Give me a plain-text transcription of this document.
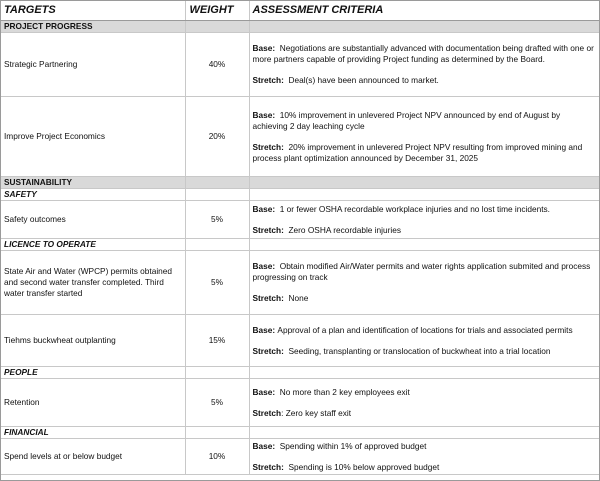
TARGETS	WEIGHT	ASSESSMENT CRITERIA
PROJECT PROGRESS		
Strategic Partnering	40%	Base: Negotiations are substantially advanced with documentation being drafted with one or more partners capable of providing Project funding as determined by the Board.

Stretch: Deal(s) have been announced to market.

Improve Project Economics	20%	Base: 10% improvement in unlevered Project NPV announced by end of August by achieving 2 day leaching cycle

Stretch: 20% improvement in unlevered Project NPV resulting from improved mining and process plant optimization announced by December 31, 2025

SUSTAINABILITY		
SAFETY		
Safety outcomes	5%	Base: 1 or fewer OSHA recordable workplace injuries and no lost time incidents.

Stretch: Zero OSHA recordable injuries

LICENCE TO OPERATE		
State Air and Water (WPCP) permits obtained and second water transfer completed. Third water transfer started	5%	Base: Obtain modified Air/Water permits and water rights application submited and process progressing on track

Stretch: None

Tiehms buckwheat outplanting	15%	Base: Approval of a plan and identification of locations for trials and associated permits

Stretch: Seeding, transplanting or translocation of buckwheat into a trial location

PEOPLE		
Retention	5%	Base: No more than 2 key employees exit

Stretch: Zero key staff exit

FINANCIAL		
Spend levels at or below budget	10%	Base: Spending within 1% of approved budget

Stretch: Spending is 10% below approved budget
